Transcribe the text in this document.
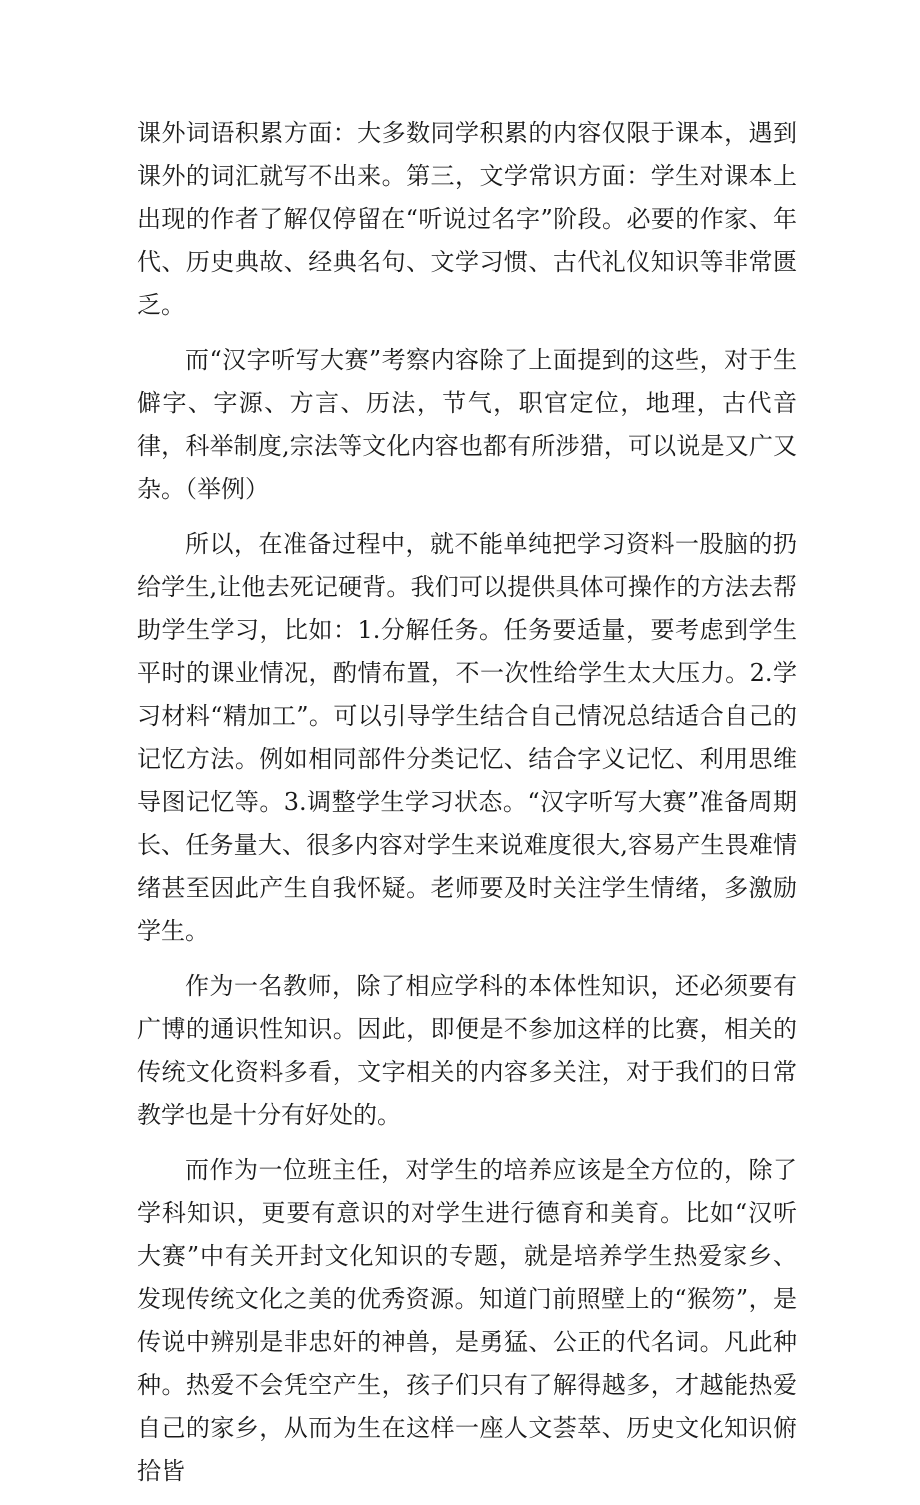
课外词语积累方面：大多数同学积累的内容仅限于课本，遇到课外的词汇就写不出来。第三，文学常识方面：学生对课本上出现的作者了解仅停留在“听说过名字”阶段。必要的作家、年代、历史典故、经典名句、文学习惯、古代礼仪知识等非常匮乏。

而“汉字听写大赛”考察内容除了上面提到的这些，对于生僻字、字源、方言、历法，节气，职官定位，地理，古代音律，科举制度,宗法等文化内容也都有所涉猎，可以说是又广又杂。（举例）

所以，在准备过程中，就不能单纯把学习资料一股脑的扔给学生,让他去死记硬背。我们可以提供具体可操作的方法去帮助学生学习，比如：1.分解任务。任务要适量，要考虑到学生平时的课业情况，酌情布置，不一次性给学生太大压力。2.学习材料“精加工”。可以引导学生结合自己情况总结适合自己的记忆方法。例如相同部件分类记忆、结合字义记忆、利用思维导图记忆等。3.调整学生学习状态。“汉字听写大赛”准备周期长、任务量大、很多内容对学生来说难度很大,容易产生畏难情绪甚至因此产生自我怀疑。老师要及时关注学生情绪，多激励学生。

作为一名教师，除了相应学科的本体性知识，还必须要有广博的通识性知识。因此，即便是不参加这样的比赛，相关的传统文化资料多看，文字相关的内容多关注，对于我们的日常教学也是十分有好处的。

而作为一位班主任，对学生的培养应该是全方位的，除了学科知识，更要有意识的对学生进行德育和美育。比如“汉听大赛”中有关开封文化知识的专题，就是培养学生热爱家乡、发现传统文化之美的优秀资源。知道门前照壁上的“猴笏”，是传说中辨别是非忠奸的神兽，是勇猛、公正的代名词。凡此种种。热爱不会凭空产生，孩子们只有了解得越多，才越能热爱自己的家乡，从而为生在这样一座人文荟萃、历史文化知识俯拾皆
